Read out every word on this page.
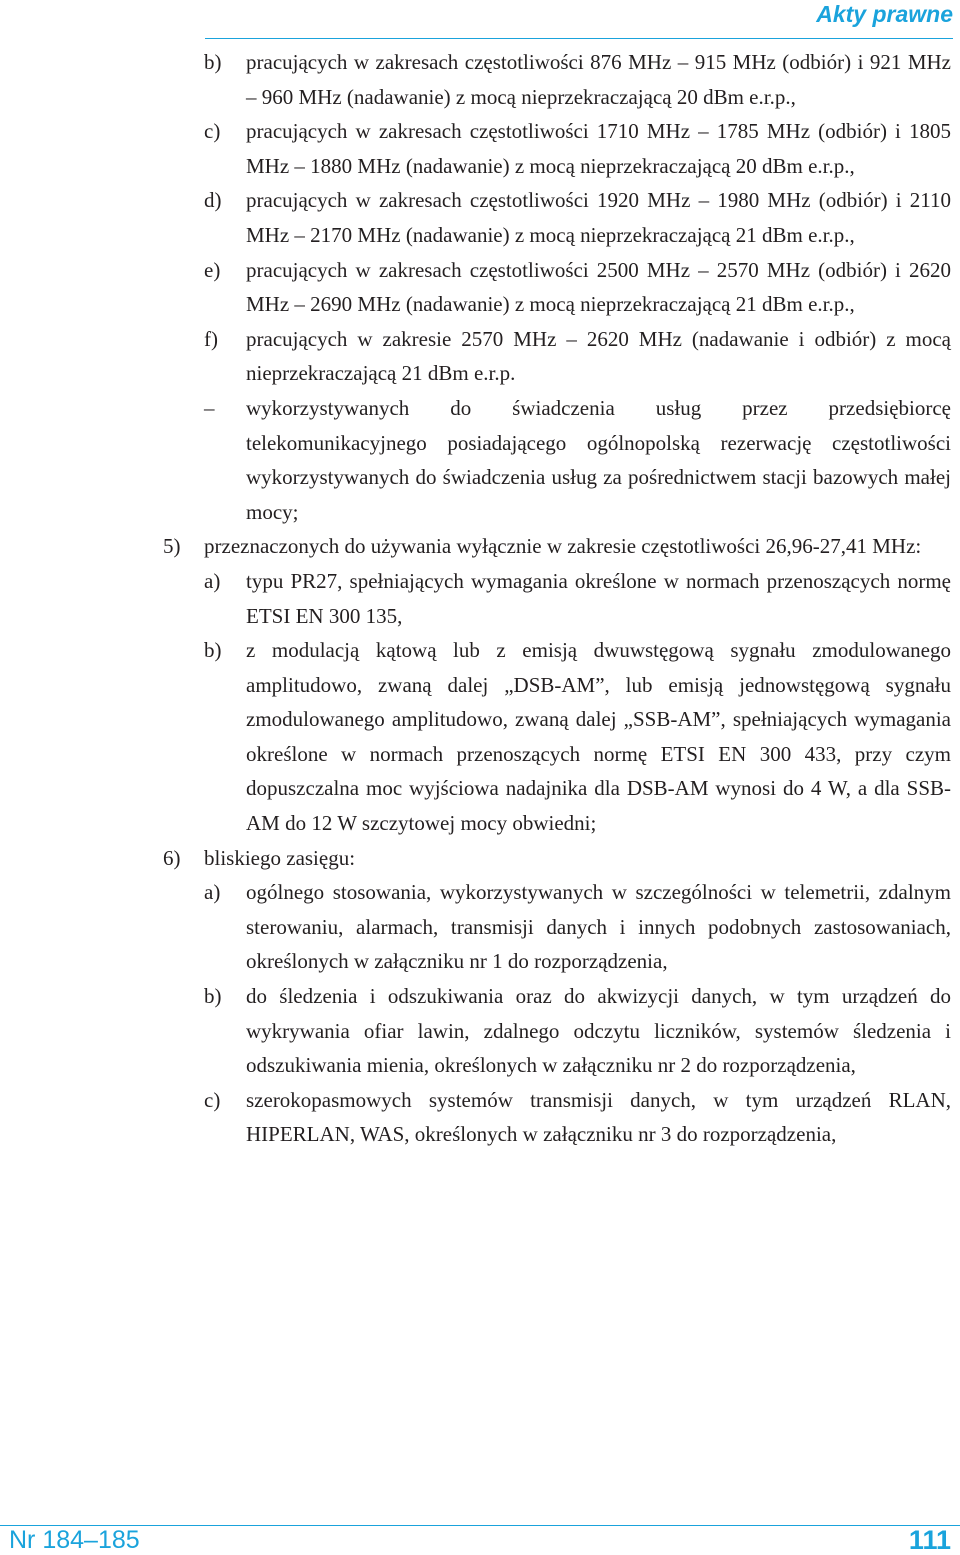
Akty prawne
b) pracujących w zakresach częstotliwości 876 MHz – 915 MHz (odbiór) i 921 MHz – 960 MHz (nadawanie) z mocą nieprzekraczającą 20 dBm e.r.p.,
c) pracujących w zakresach częstotliwości 1710 MHz – 1785 MHz (odbiór) i 1805 MHz – 1880 MHz (nadawanie) z mocą nieprzekraczającą 20 dBm e.r.p.,
d) pracujących w zakresach częstotliwości 1920 MHz – 1980 MHz (odbiór) i 2110 MHz – 2170 MHz (nadawanie) z mocą nieprzekraczającą 21 dBm e.r.p.,
e) pracujących w zakresach częstotliwości 2500 MHz – 2570 MHz (odbiór) i 2620 MHz – 2690 MHz (nadawanie) z mocą nieprzekraczającą 21 dBm e.r.p.,
f) pracujących w zakresie 2570 MHz – 2620 MHz (nadawanie i odbiór) z mocą nieprzekraczającą 21 dBm e.r.p.
– wykorzystywanych do świadczenia usług przez przedsiębiorcę telekomunikacyjnego posiadającego ogólnopolską rezerwację częstotliwości wykorzystywanych do świadczenia usług za pośrednictwem stacji bazowych małej mocy;
5) przeznaczonych do używania wyłącznie w zakresie częstotliwości 26,96-27,41 MHz:
a) typu PR27, spełniających wymagania określone w normach przenoszących normę ETSI EN 300 135,
b) z modulacją kątową lub z emisją dwuwstęgową sygnału zmodulowanego amplitudowo, zwaną dalej „DSB-AM”, lub emisją jednowstęgową sygnału zmodulowanego amplitudowo, zwaną dalej „SSB-AM”, spełniających wymagania określone w normach przenoszących normę ETSI EN 300 433, przy czym dopuszczalna moc wyjściowa nadajnika dla DSB-AM wynosi do 4 W, a dla SSB-AM do 12 W szczytowej mocy obwiedni;
6) bliskiego zasięgu:
a) ogólnego stosowania, wykorzystywanych w szczególności w telemetrii, zdalnym sterowaniu, alarmach, transmisji danych i innych podobnych zastosowaniach, określonych w załączniku nr 1 do rozporządzenia,
b) do śledzenia i odszukiwania oraz do akwizycji danych, w tym urządzeń do wykrywania ofiar lawin, zdalnego odczytu liczników, systemów śledzenia i odszukiwania mienia, określonych w załączniku nr 2 do rozporządzenia,
c) szerokopasmowych systemów transmisji danych, w tym urządzeń RLAN, HIPERLAN, WAS, określonych w załączniku nr 3 do rozporządzenia,
Nr 184–185	111
